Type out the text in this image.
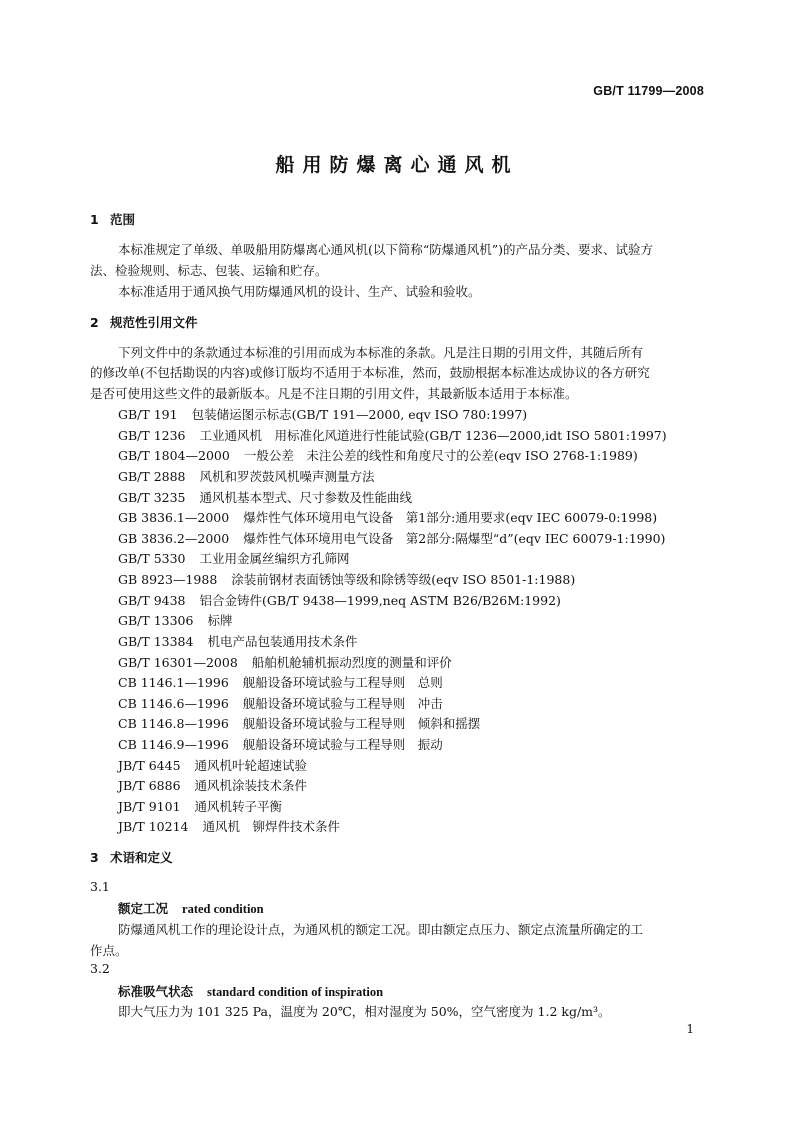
GB/T 11799—2008
船用防爆离心通风机
1 范围
本标准规定了单级、单吸船用防爆离心通风机(以下简称“防爆通风机”)的产品分类、要求、试验方
法、检验规则、标志、包装、运输和贮存。
本标准适用于通风换气用防爆通风机的设计、生产、试验和验收。
2 规范性引用文件
下列文件中的条款通过本标准的引用而成为本标准的条款。凡是注日期的引用文件，其随后所有
的修改单(不包括勘误的内容)或修订版均不适用于本标准，然而，鼓励根据本标准达成协议的各方研究
是否可使用这些文件的最新版本。凡是不注日期的引用文件，其最新版本适用于本标准。
GB/T 191 包装储运图示标志(GB/T 191—2000, eqv ISO 780:1997)
GB/T 1236 工业通风机　用标准化风道进行性能试验(GB/T 1236—2000,idt ISO 5801:1997)
GB/T 1804—2000 一般公差　未注公差的线性和角度尺寸的公差(eqv ISO 2768-1:1989)
GB/T 2888 风机和罗茨鼓风机噪声测量方法
GB/T 3235 通风机基本型式、尺寸参数及性能曲线
GB 3836.1—2000 爆炸性气体环境用电气设备　第1部分:通用要求(eqv IEC 60079-0:1998)
GB 3836.2—2000 爆炸性气体环境用电气设备　第2部分:隔爆型“d”(eqv IEC 60079-1:1990)
GB/T 5330 工业用金属丝编织方孔筛网
GB 8923—1988 涂装前钢材表面锈蚀等级和除锈等级(eqv ISO 8501-1:1988)
GB/T 9438 铝合金铸件(GB/T 9438—1999,neq ASTM B26/B26M:1992)
GB/T 13306 标牌
GB/T 13384 机电产品包装通用技术条件
GB/T 16301—2008 船舶机舱辅机振动烈度的测量和评价
CB 1146.1—1996 舰船设备环境试验与工程导则　总则
CB 1146.6—1996 舰船设备环境试验与工程导则　冲击
CB 1146.8—1996 舰船设备环境试验与工程导则　倾斜和摇摆
CB 1146.9—1996 舰船设备环境试验与工程导则　振动
JB/T 6445 通风机叶轮超速试验
JB/T 6886 通风机涂装技术条件
JB/T 9101 通风机转子平衡
JB/T 10214 通风机　铆焊件技术条件
3 术语和定义
3.1
额定工况 rated condition
防爆通风机工作的理论设计点，为通风机的额定工况。即由额定点压力、额定点流量所确定的工
作点。
3.2
标准吸气状态 standard condition of inspiration
即大气压力为 101 325 Pa，温度为 20℃，相对湿度为 50%，空气密度为 1.2 kg/m³。
1
